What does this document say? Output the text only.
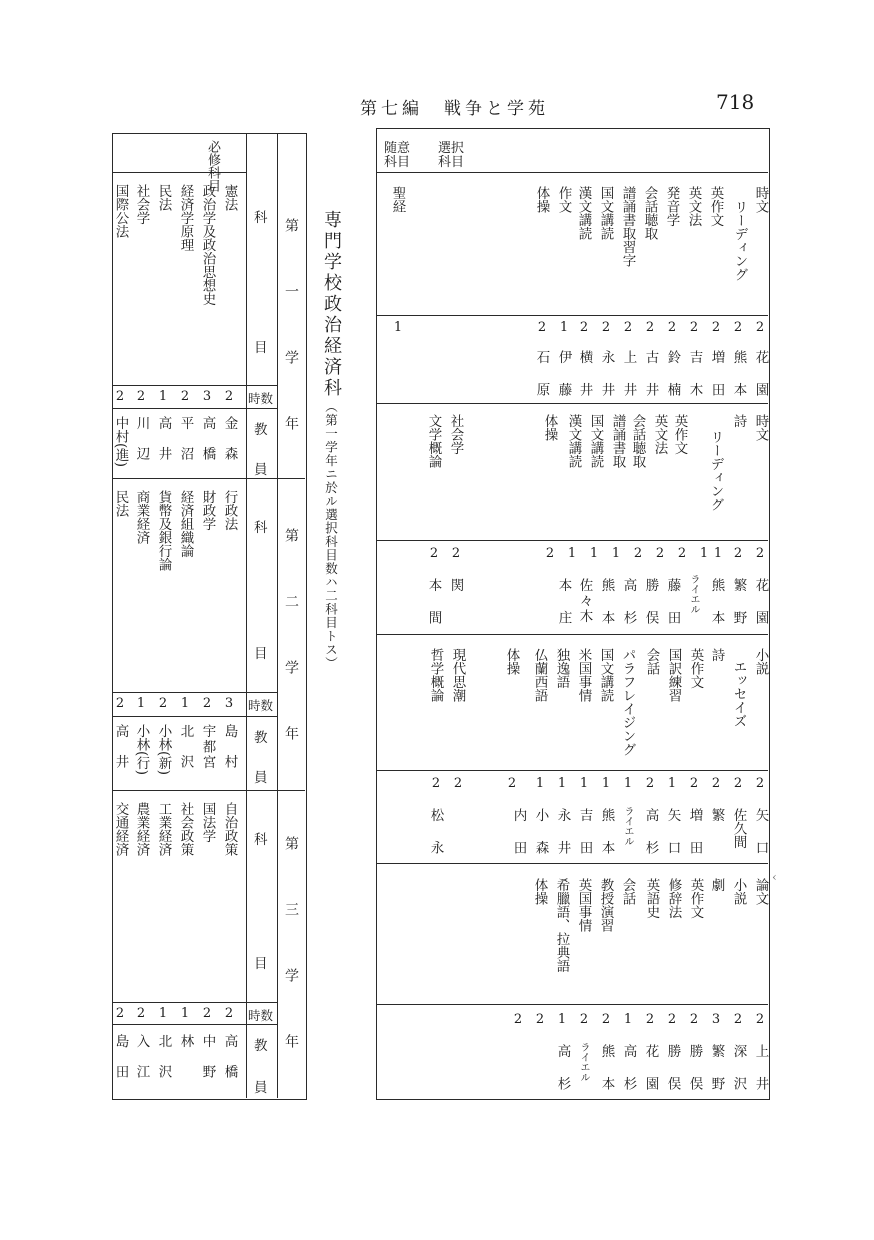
第七編　戦争と学苑	718
専門学校政治経済科
（第一学年ニ於ル選択科目数ハ二科目トス）
必修科目
第一学年
科
目
時数
教
員
憲法
政治学及政治思想史
経済学原理
民法
社会学
国際公法
2
3
2
1
2
2
金森
高橋
平沼
高井
川辺
中村(進)
第二学年
科
目
時数
教
員
行政法
財政学
経済組織論
貨幣及銀行論
商業経済
民法
3
2
1
2
1
2
島村
宇都宮
北沢
小林(新)
小林(行)
高井
第三学年
科
目
時数
教
員
自治政策
国法学
社会政策
工業経済
農業経済
交通経済
2
2
1
1
2
2
高橋
中野
林
北沢
入江
島田
選択科目
随意科目
時文
リーディング
英作文
英文法
発音学
会話聴取
譜誦書取習字
国文講読
漢文講読
作文
体操
聖経
2
2
2
2
2
2
2
2
2
1
2
1
花園
熊本
増田
吉木
鈴楠
古井
上井
永井
横井
伊藤
石原
時文
詩
リーディング
英作文
英文法
会話聴取
譜誦書取
国文講読
漢文講読
体操
社会学
文学概論
2
2
1
1
2
2
2
1
1
1
2
2
2
花園
繁野
熊本
ライエル
藤田
勝俣
高杉
熊本
佐々木
本庄
関
本間
小説
エッセイズ
詩
英作文
国訳練習
会話
パラフレイジング
国文講読
米国事情
独逸語
仏蘭西語
体操
現代思潮
哲学概論
2
2
2
2
1
2
1
1
1
1
1
2
2
2
矢口
佐久間
繁
増田
矢口
高杉
ライエル
熊本
吉田
永井
小森
内田
松永
論文
小説
劇
英作文
修辞法
英語史
会話
教授演習
英国事情
希臘語、拉典語
体操
‹
2
2
3
2
2
2
1
2
2
1
2
2
上井
深沢
繁野
勝俣
勝俣
花園
高杉
熊本
ライエル
高杉
